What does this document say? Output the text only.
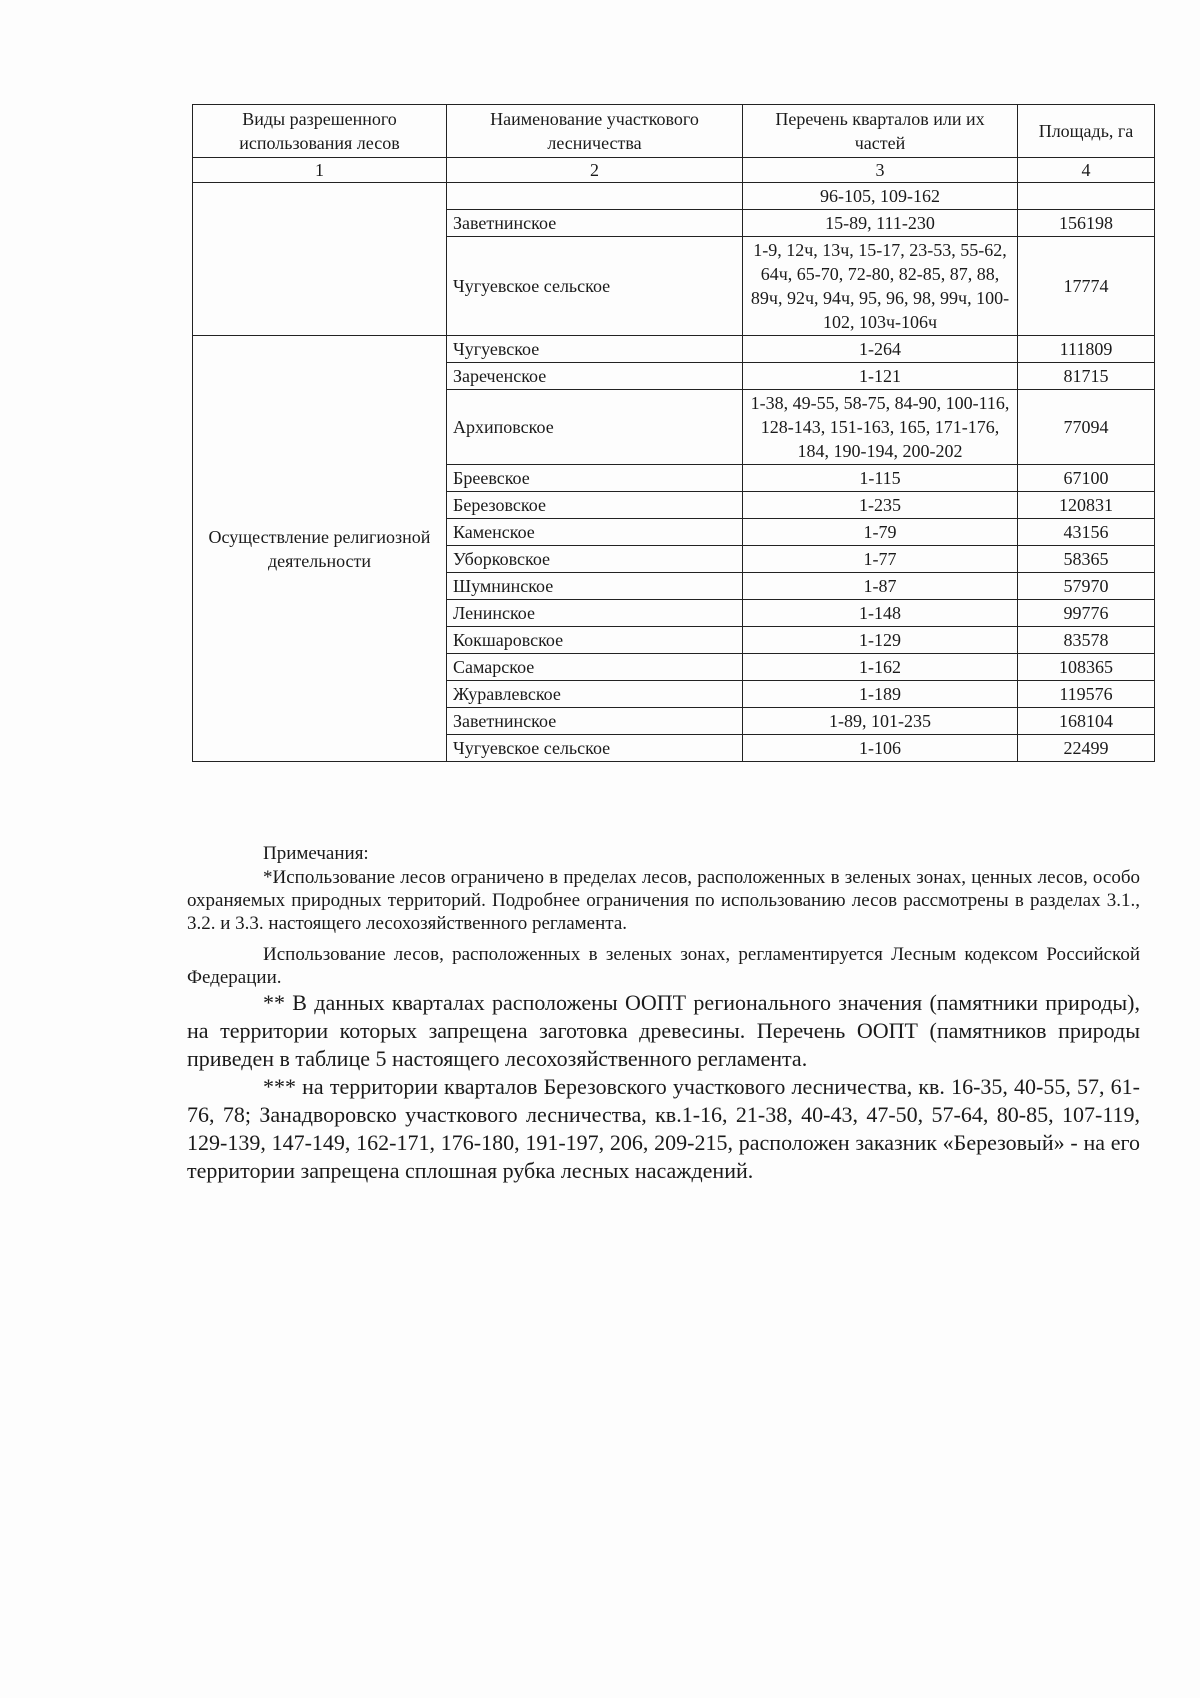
Виды разрешенного использования лесов	Наименование участкового лесничества	Перечень кварталов или их частей	Площадь, га
1	2	3	4
		96-105, 109-162	
	Заветнинское	15-89, 111-230	156198
	Чугуевское сельское	1-9, 12ч, 13ч, 15-17, 23-53, 55-62, 64ч, 65-70, 72-80, 82-85, 87, 88, 89ч, 92ч, 94ч, 95, 96, 98, 99ч, 100-102, 103ч-106ч	17774
Осуществление религиозной деятельности	Чугуевское	1-264	111809
	Зареченское	1-121	81715
	Архиповское	1-38, 49-55, 58-75, 84-90, 100-116, 128-143, 151-163, 165, 171-176, 184, 190-194, 200-202	77094
	Бреевское	1-115	67100
	Березовское	1-235	120831
	Каменское	1-79	43156
	Уборковское	1-77	58365
	Шумнинское	1-87	57970
	Ленинское	1-148	99776
	Кокшаровское	1-129	83578
	Самарское	1-162	108365
	Журавлевское	1-189	119576
	Заветнинское	1-89, 101-235	168104
	Чугуевское сельское	1-106	22499

Примечания:

*Использование лесов ограничено в пределах лесов, расположенных в зеленых зонах, ценных лесов, особо охраняемых природных территорий. Подробнее ограничения по использованию лесов рассмотрены в разделах 3.1., 3.2. и 3.3. настоящего лесохозяйственного регламента.

Использование лесов, расположенных в зеленых зонах, регламентируется Лесным кодексом Российской Федерации.

** В данных кварталах расположены ООПТ регионального значения (памятники природы), на территории которых запрещена заготовка древесины. Перечень ООПТ (памятников природы приведен в таблице 5 настоящего лесохозяйственного регламента.

*** на территории кварталов Березовского участкового лесничества, кв. 16-35, 40-55, 57, 61-76, 78; Занадворовско участкового лесничества, кв.1-16, 21-38, 40-43, 47-50, 57-64, 80-85, 107-119, 129-139, 147-149, 162-171, 176-180, 191-197, 206, 209-215, расположен заказник «Березовый» - на его территории запрещена сплошная рубка лесных насаждений.
